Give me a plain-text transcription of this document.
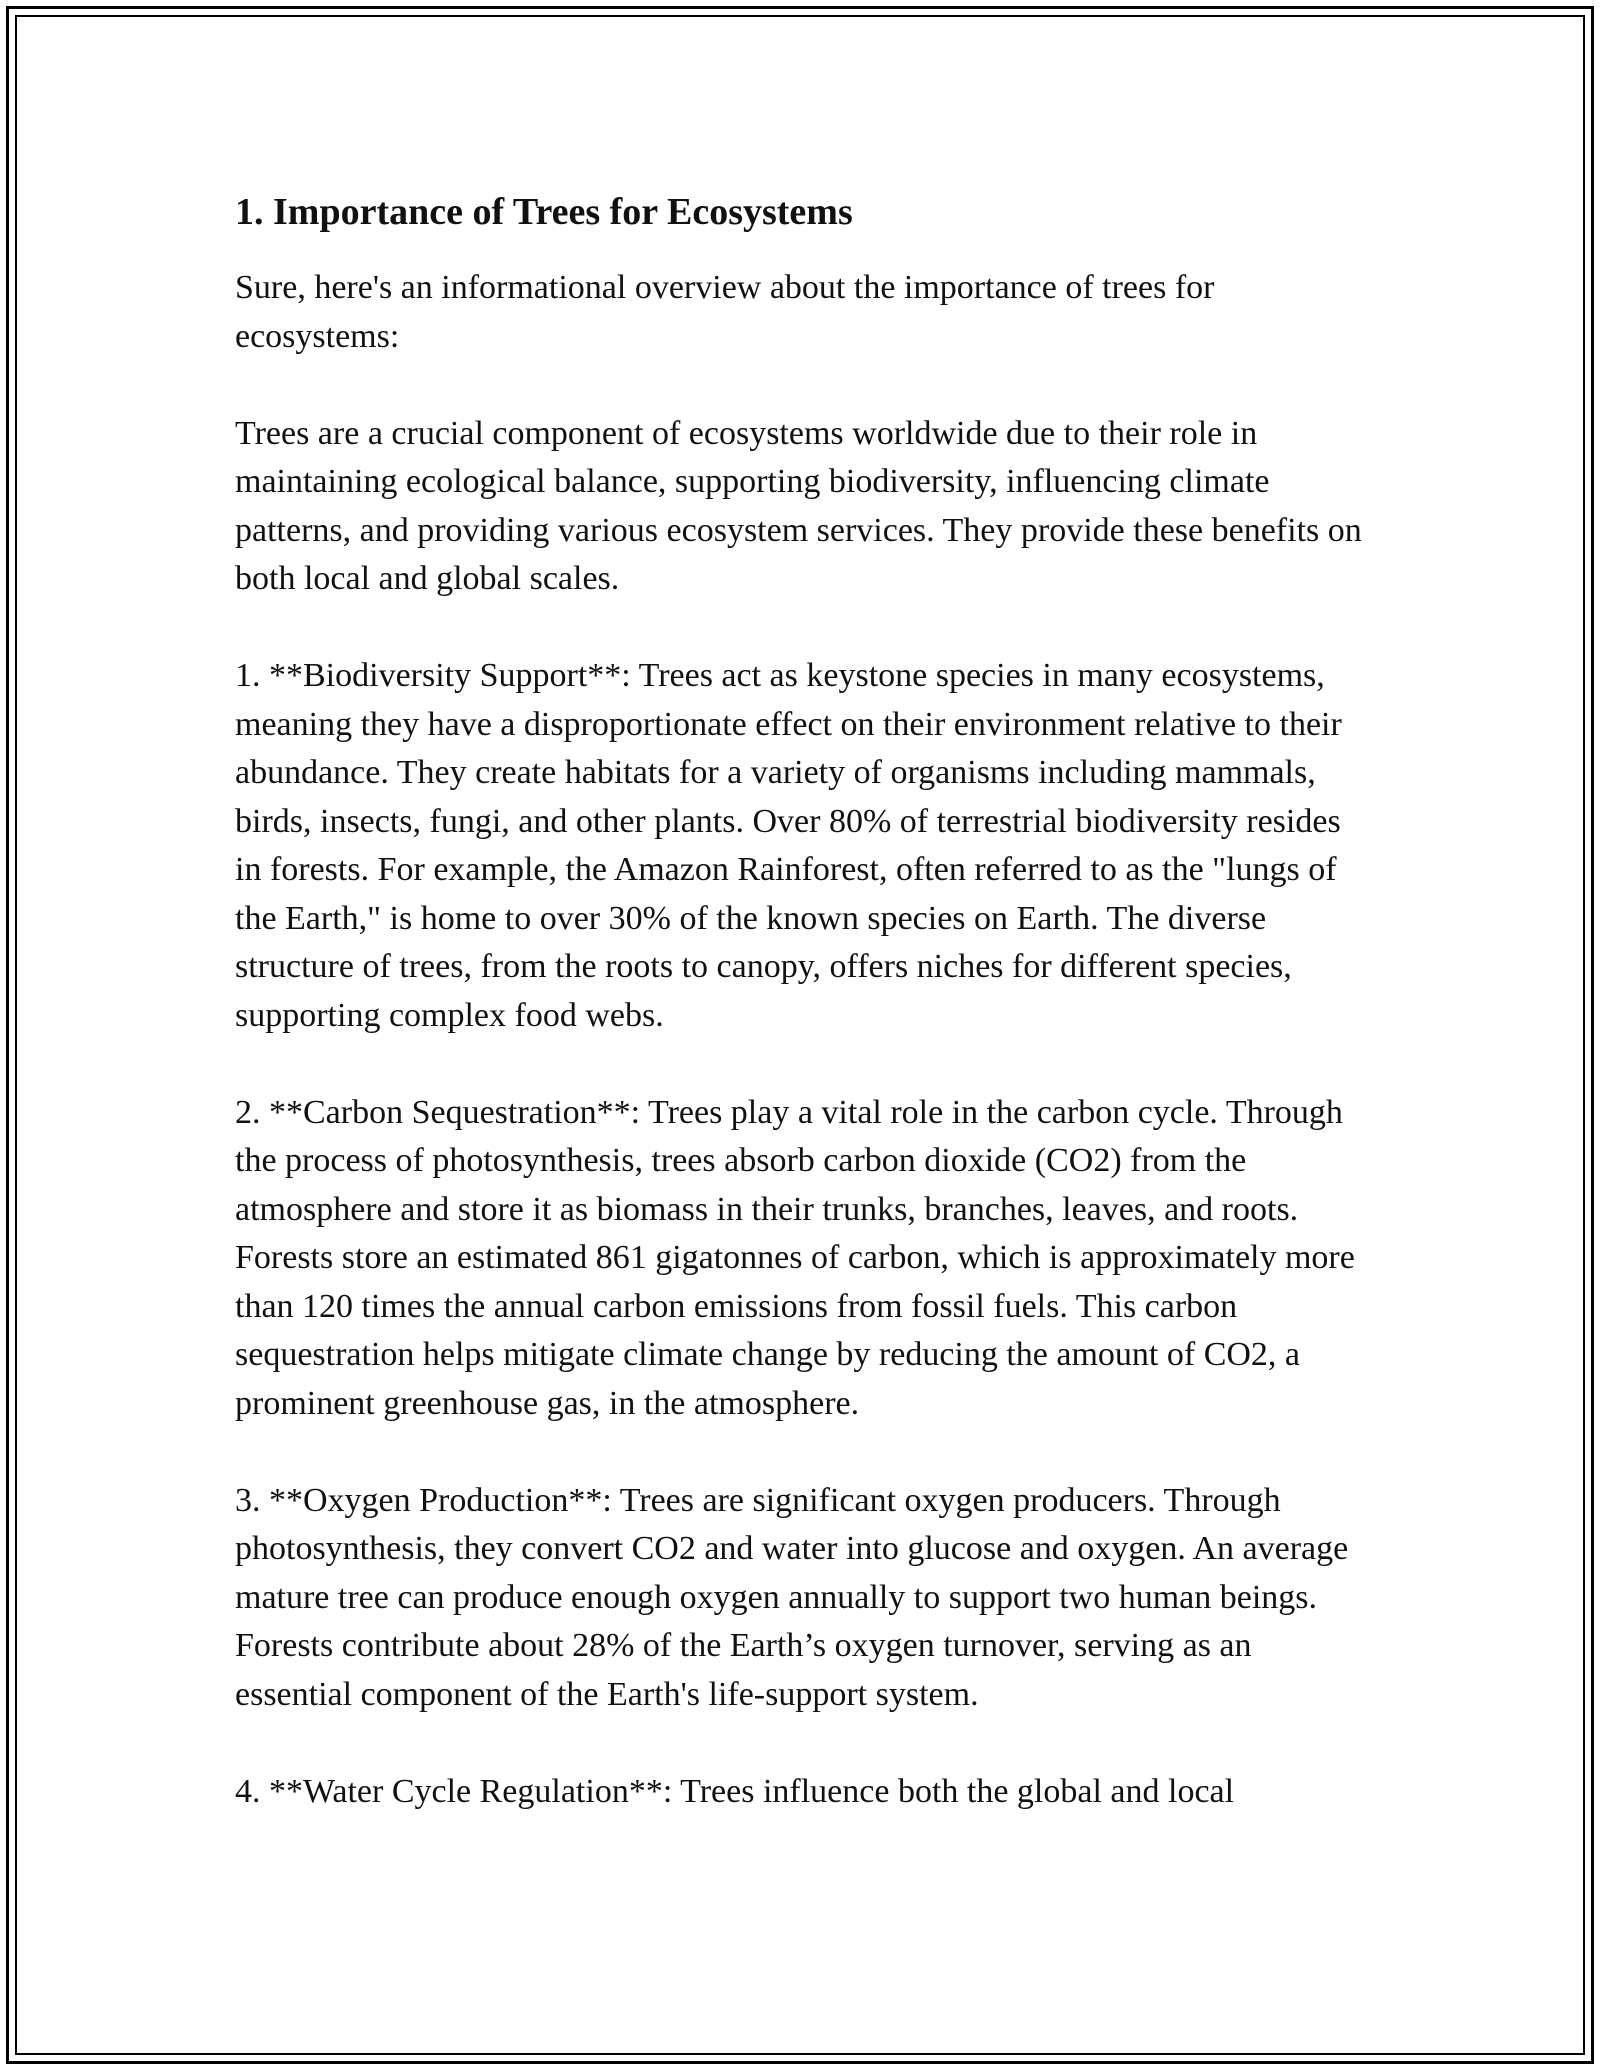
1. Importance of Trees for Ecosystems

Sure, here's an informational overview about the importance of trees for ecosystems:

Trees are a crucial component of ecosystems worldwide due to their role in maintaining ecological balance, supporting biodiversity, influencing climate patterns, and providing various ecosystem services. They provide these benefits on both local and global scales.

1. **Biodiversity Support**: Trees act as keystone species in many ecosystems, meaning they have a disproportionate effect on their environment relative to their abundance. They create habitats for a variety of organisms including mammals, birds, insects, fungi, and other plants. Over 80% of terrestrial biodiversity resides in forests. For example, the Amazon Rainforest, often referred to as the "lungs of the Earth," is home to over 30% of the known species on Earth. The diverse structure of trees, from the roots to canopy, offers niches for different species, supporting complex food webs.

2. **Carbon Sequestration**: Trees play a vital role in the carbon cycle. Through the process of photosynthesis, trees absorb carbon dioxide (CO2) from the atmosphere and store it as biomass in their trunks, branches, leaves, and roots. Forests store an estimated 861 gigatonnes of carbon, which is approximately more than 120 times the annual carbon emissions from fossil fuels. This carbon sequestration helps mitigate climate change by reducing the amount of CO2, a prominent greenhouse gas, in the atmosphere.

3. **Oxygen Production**: Trees are significant oxygen producers. Through photosynthesis, they convert CO2 and water into glucose and oxygen. An average mature tree can produce enough oxygen annually to support two human beings. Forests contribute about 28% of the Earth’s oxygen turnover, serving as an essential component of the Earth's life-support system.

4. **Water Cycle Regulation**: Trees influence both the global and local
